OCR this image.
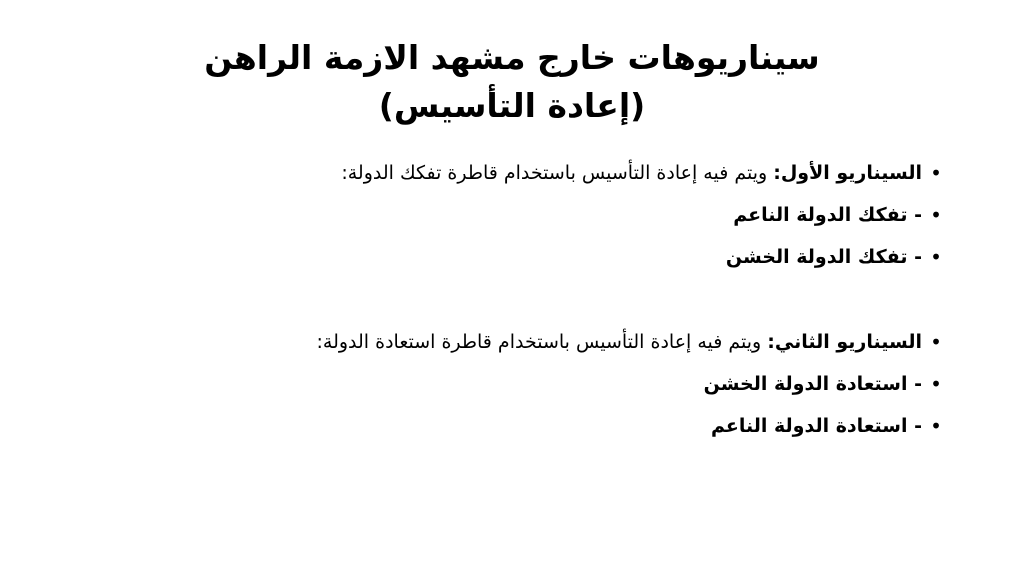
سيناريوهات خارج مشهد الازمة الراهن
(إعادة التأسيس)
•
السيناريو الأول: ويتم فيه إعادة التأسيس باستخدام قاطرة تفكك الدولة:
•
- تفكك الدولة الناعم
•
- تفكك الدولة الخشن
•
السيناريو الثاني: ويتم فيه إعادة التأسيس باستخدام قاطرة استعادة الدولة:
•
- استعادة الدولة الخشن
•
- استعادة الدولة الناعم
